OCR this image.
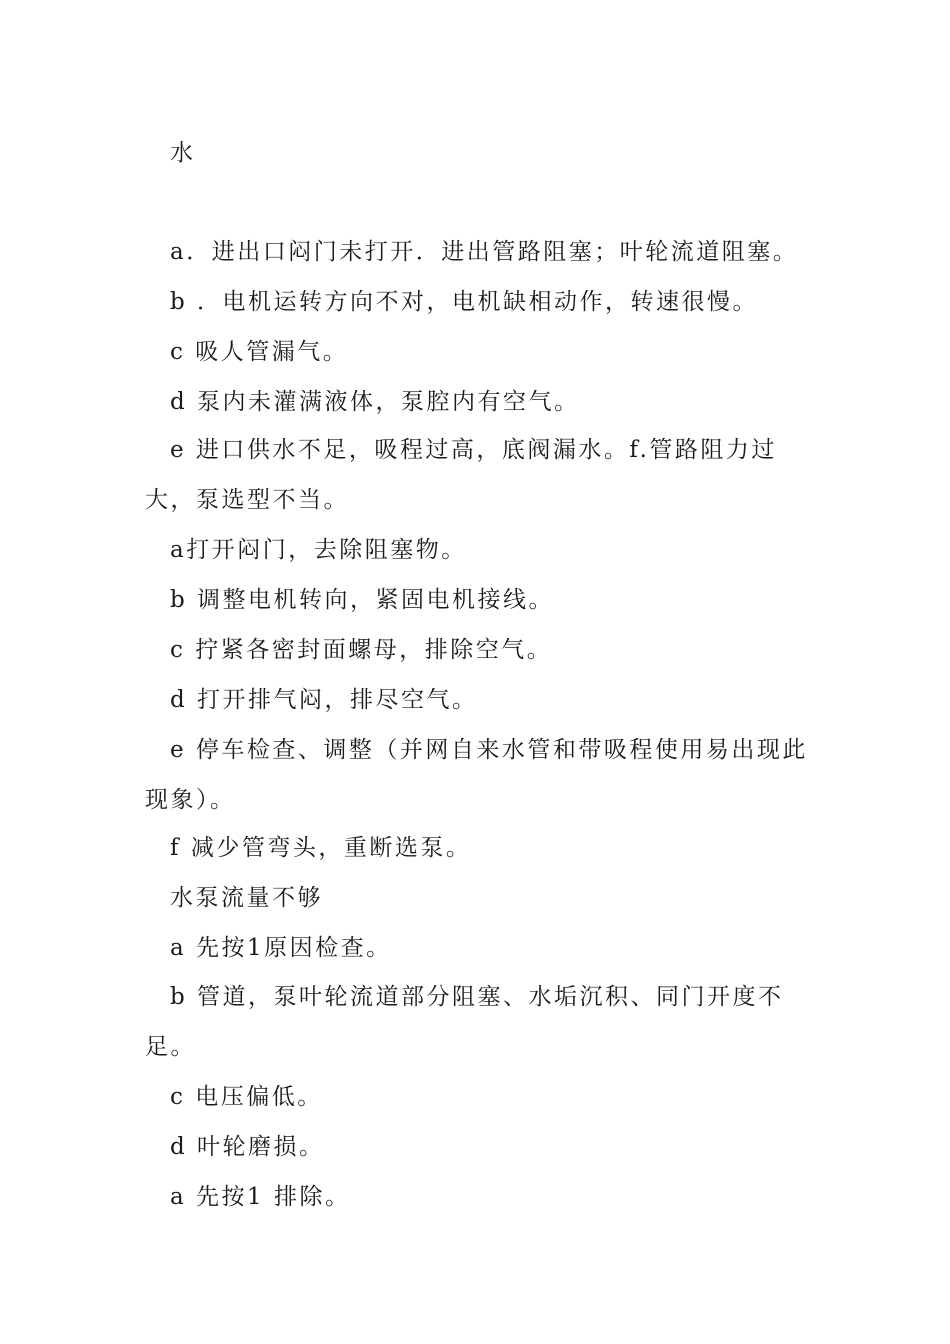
水
a．进出口闷门未打开．进出管路阻塞；叶轮流道阻塞。
b ．电机运转方向不对，电机缺相动作，转速很慢。
c 吸人管漏气。
d 泵内未灌满液体，泵腔内有空气。
e 进口供水不足，吸程过高，底阀漏水。f.管路阻力过大，泵选型不当。
a打开闷门，去除阻塞物。
b 调整电机转向，紧固电机接线。
c 拧紧各密封面螺母，排除空气。
d 打开排气闷，排尽空气。
e 停车检查、调整（并网自来水管和带吸程使用易出现此现象）。
f 减少管弯头，重断选泵。
水泵流量不够
a 先按1原因检查。
b 管道，泵叶轮流道部分阻塞、水垢沉积、同门开度不足。
c 电压偏低。
d 叶轮磨损。
a 先按1 排除。
